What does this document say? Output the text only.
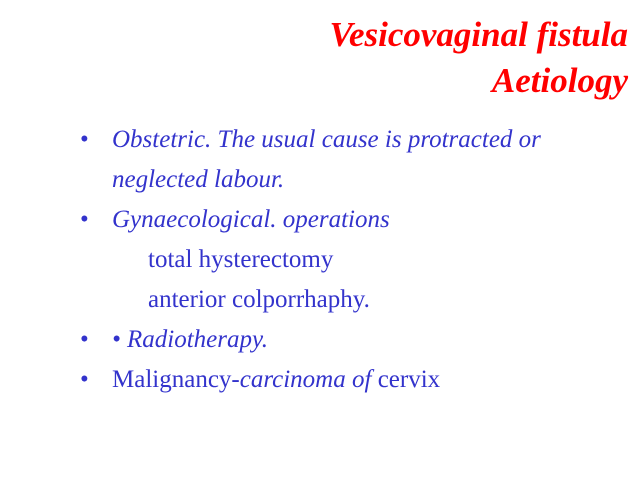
Vesicovaginal fistula
Aetiology
• Obstetric. The usual cause is protracted or neglected labour.
• Gynaecological. operations
total hysterectomy
anterior colporrhaphy.
• • Radiotherapy.
• Malignancy-carcinoma of cervix
